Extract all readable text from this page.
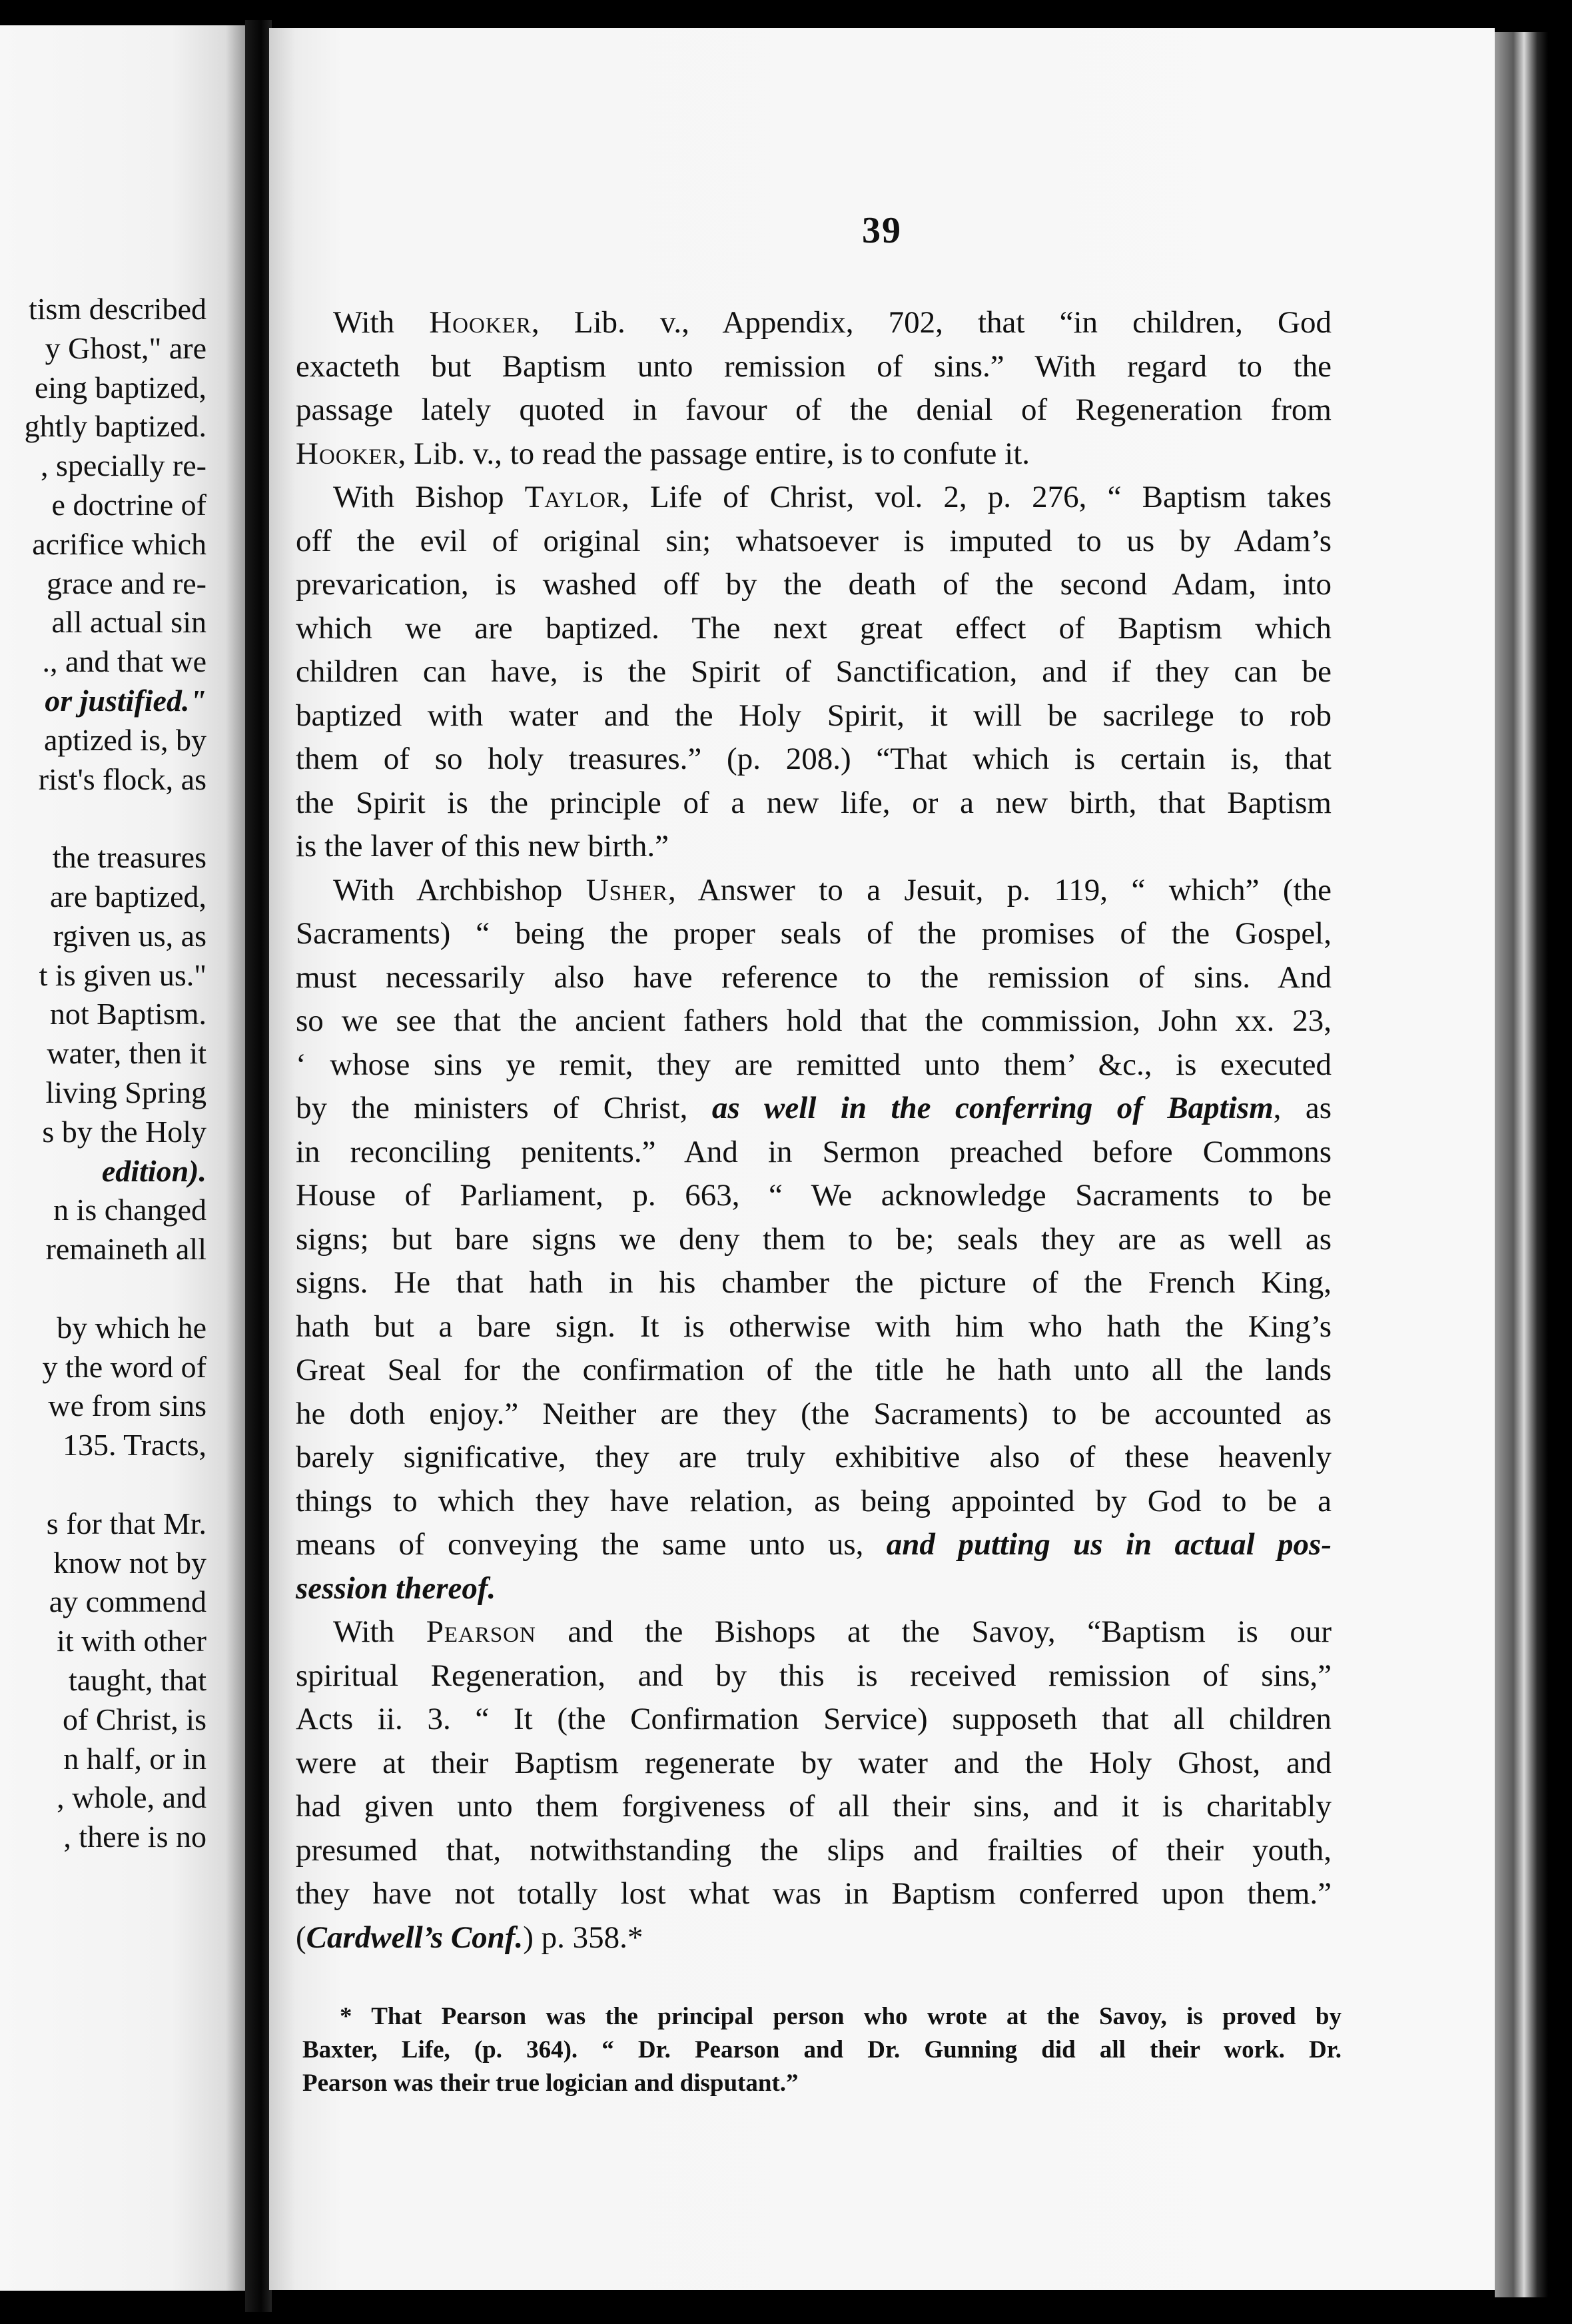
tism described
y Ghost," are
eing baptized,
ghtly baptized.
, specially re-
e doctrine of
acrifice which
grace and re-
all actual sin
., and that we
or justified."
aptized is, by
rist's flock, as
the treasures
are baptized,
rgiven us, as
t is given us."
not Baptism.
water, then it
living Spring
s by the Holy
edition).
n is changed
remaineth all
by which he
y the word of
we from sins
135. Tracts,
s for that Mr.
know not by
ay commend
it with other
taught, that
of Christ, is
n half, or in
, whole, and
, there is no
39
With Hooker, Lib. v., Appendix, 702, that “in children, God
exacteth but Baptism unto remission of sins.” With regard to the
passage lately quoted in favour of the denial of Regeneration from
Hooker, Lib. v., to read the passage entire, is to confute it.
With Bishop Taylor, Life of Christ, vol. 2, p. 276, “ Baptism takes
off the evil of original sin; whatsoever is imputed to us by Adam’s
prevarication, is washed off by the death of the second Adam, into
which we are baptized. The next great effect of Baptism which
children can have, is the Spirit of Sanctification, and if they can be
baptized with water and the Holy Spirit, it will be sacrilege to rob
them of so holy treasures.” (p. 208.) “That which is certain is, that
the Spirit is the principle of a new life, or a new birth, that Baptism
is the laver of this new birth.”
With Archbishop Usher, Answer to a Jesuit, p. 119, “ which” (the
Sacraments) “ being the proper seals of the promises of the Gospel,
must necessarily also have reference to the remission of sins. And
so we see that the ancient fathers hold that the commission, John xx. 23,
‘ whose sins ye remit, they are remitted unto them’ &c., is executed
by the ministers of Christ, as well in the conferring of Baptism, as
in reconciling penitents.” And in Sermon preached before Commons
House of Parliament, p. 663, “ We acknowledge Sacraments to be
signs; but bare signs we deny them to be; seals they are as well as
signs. He that hath in his chamber the picture of the French King,
hath but a bare sign. It is otherwise with him who hath the King’s
Great Seal for the confirmation of the title he hath unto all the lands
he doth enjoy.” Neither are they (the Sacraments) to be accounted as
barely significative, they are truly exhibitive also of these heavenly
things to which they have relation, as being appointed by God to be a
means of conveying the same unto us, and putting us in actual pos-
session thereof.
With Pearson and the Bishops at the Savoy, “Baptism is our
spiritual Regeneration, and by this is received remission of sins,”
Acts ii. 3. “ It (the Confirmation Service) supposeth that all children
were at their Baptism regenerate by water and the Holy Ghost, and
had given unto them forgiveness of all their sins, and it is charitably
presumed that, notwithstanding the slips and frailties of their youth,
they have not totally lost what was in Baptism conferred upon them.”
(Cardwell’s Conf.) p. 358.*
* That Pearson was the principal person who wrote at the Savoy, is proved by
Baxter, Life, (p. 364). “ Dr. Pearson and Dr. Gunning did all their work. Dr.
Pearson was their true logician and disputant.”
